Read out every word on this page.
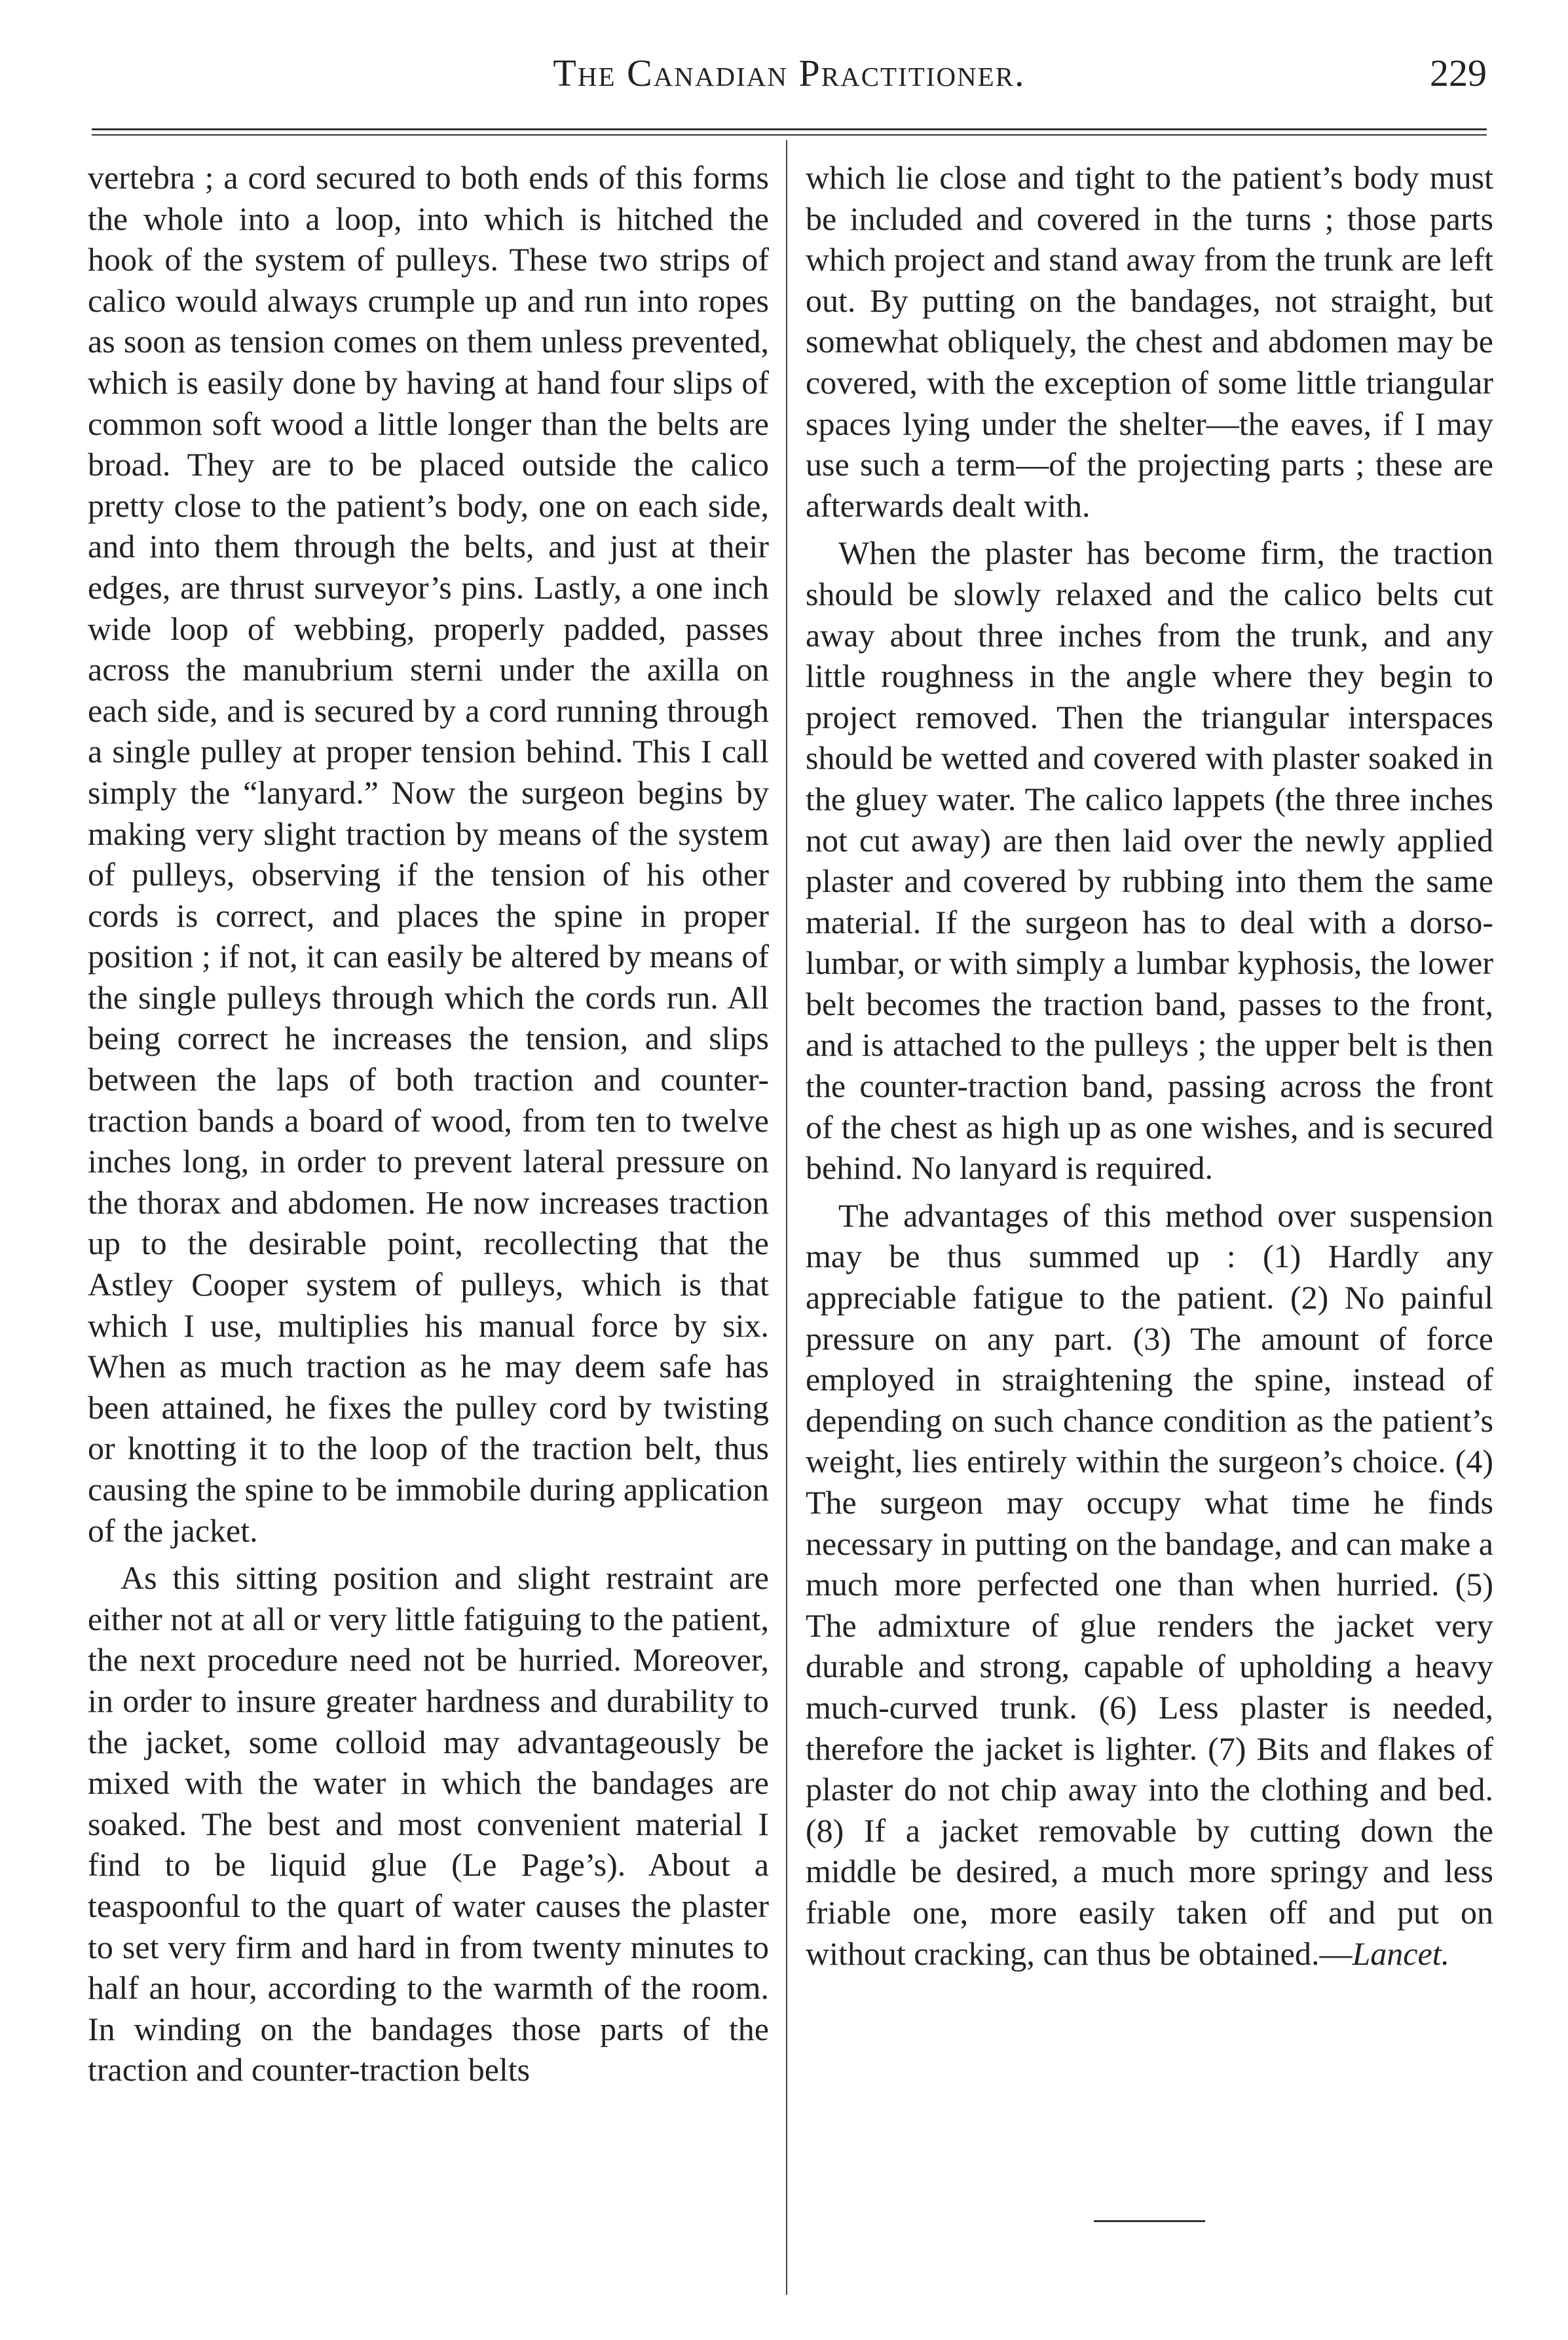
The Canadian Practitioner.	229

vertebra ; a cord secured to both ends of this forms the whole into a loop, into which is hitched the hook of the system of pulleys. These two strips of calico would always crumple up and run into ropes as soon as tension comes on them unless prevented, which is easily done by having at hand four slips of common soft wood a little longer than the belts are broad. They are to be placed outside the calico pretty close to the patient’s body, one on each side, and into them through the belts, and just at their edges, are thrust surveyor’s pins. Lastly, a one inch wide loop of webbing, properly padded, passes across the manubrium sterni under the axilla on each side, and is secured by a cord running through a single pulley at proper tension behind. This I call simply the “lanyard.” Now the surgeon begins by making very slight traction by means of the system of pulleys, observing if the tension of his other cords is correct, and places the spine in proper position ; if not, it can easily be altered by means of the single pulleys through which the cords run. All being correct he increases the tension, and slips between the laps of both traction and counter-traction bands a board of wood, from ten to twelve inches long, in order to prevent lateral pressure on the thorax and abdomen. He now increases traction up to the desirable point, recollecting that the Astley Cooper system of pulleys, which is that which I use, multiplies his manual force by six. When as much traction as he may deem safe has been attained, he fixes the pulley cord by twisting or knotting it to the loop of the traction belt, thus causing the spine to be immobile during application of the jacket.

As this sitting position and slight restraint are either not at all or very little fatiguing to the patient, the next procedure need not be hurried. Moreover, in order to insure greater hardness and durability to the jacket, some colloid may advantageously be mixed with the water in which the bandages are soaked. The best and most convenient material I find to be liquid glue (Le Page’s). About a teaspoonful to the quart of water causes the plaster to set very firm and hard in from twenty minutes to half an hour, according to the warmth of the room. In winding on the bandages those parts of the traction and counter-traction belts

which lie close and tight to the patient’s body must be included and covered in the turns ; those parts which project and stand away from the trunk are left out. By putting on the bandages, not straight, but somewhat obliquely, the chest and abdomen may be covered, with the exception of some little triangular spaces lying under the shelter—the eaves, if I may use such a term—of the projecting parts ; these are afterwards dealt with.

When the plaster has become firm, the traction should be slowly relaxed and the calico belts cut away about three inches from the trunk, and any little roughness in the angle where they begin to project removed. Then the triangular interspaces should be wetted and covered with plaster soaked in the gluey water. The calico lappets (the three inches not cut away) are then laid over the newly applied plaster and covered by rubbing into them the same material. If the surgeon has to deal with a dorso-lumbar, or with simply a lumbar kyphosis, the lower belt becomes the traction band, passes to the front, and is attached to the pulleys ; the upper belt is then the counter-traction band, passing across the front of the chest as high up as one wishes, and is secured behind. No lanyard is required.

The advantages of this method over suspension may be thus summed up : (1) Hardly any appreciable fatigue to the patient. (2) No painful pressure on any part. (3) The amount of force employed in straightening the spine, instead of depending on such chance condition as the patient’s weight, lies entirely within the surgeon’s choice. (4) The surgeon may occupy what time he finds necessary in putting on the bandage, and can make a much more perfected one than when hurried. (5) The admixture of glue renders the jacket very durable and strong, capable of upholding a heavy much-curved trunk. (6) Less plaster is needed, therefore the jacket is lighter. (7) Bits and flakes of plaster do not chip away into the clothing and bed. (8) If a jacket removable by cutting down the middle be desired, a much more springy and less friable one, more easily taken off and put on without cracking, can thus be obtained.—Lancet.
